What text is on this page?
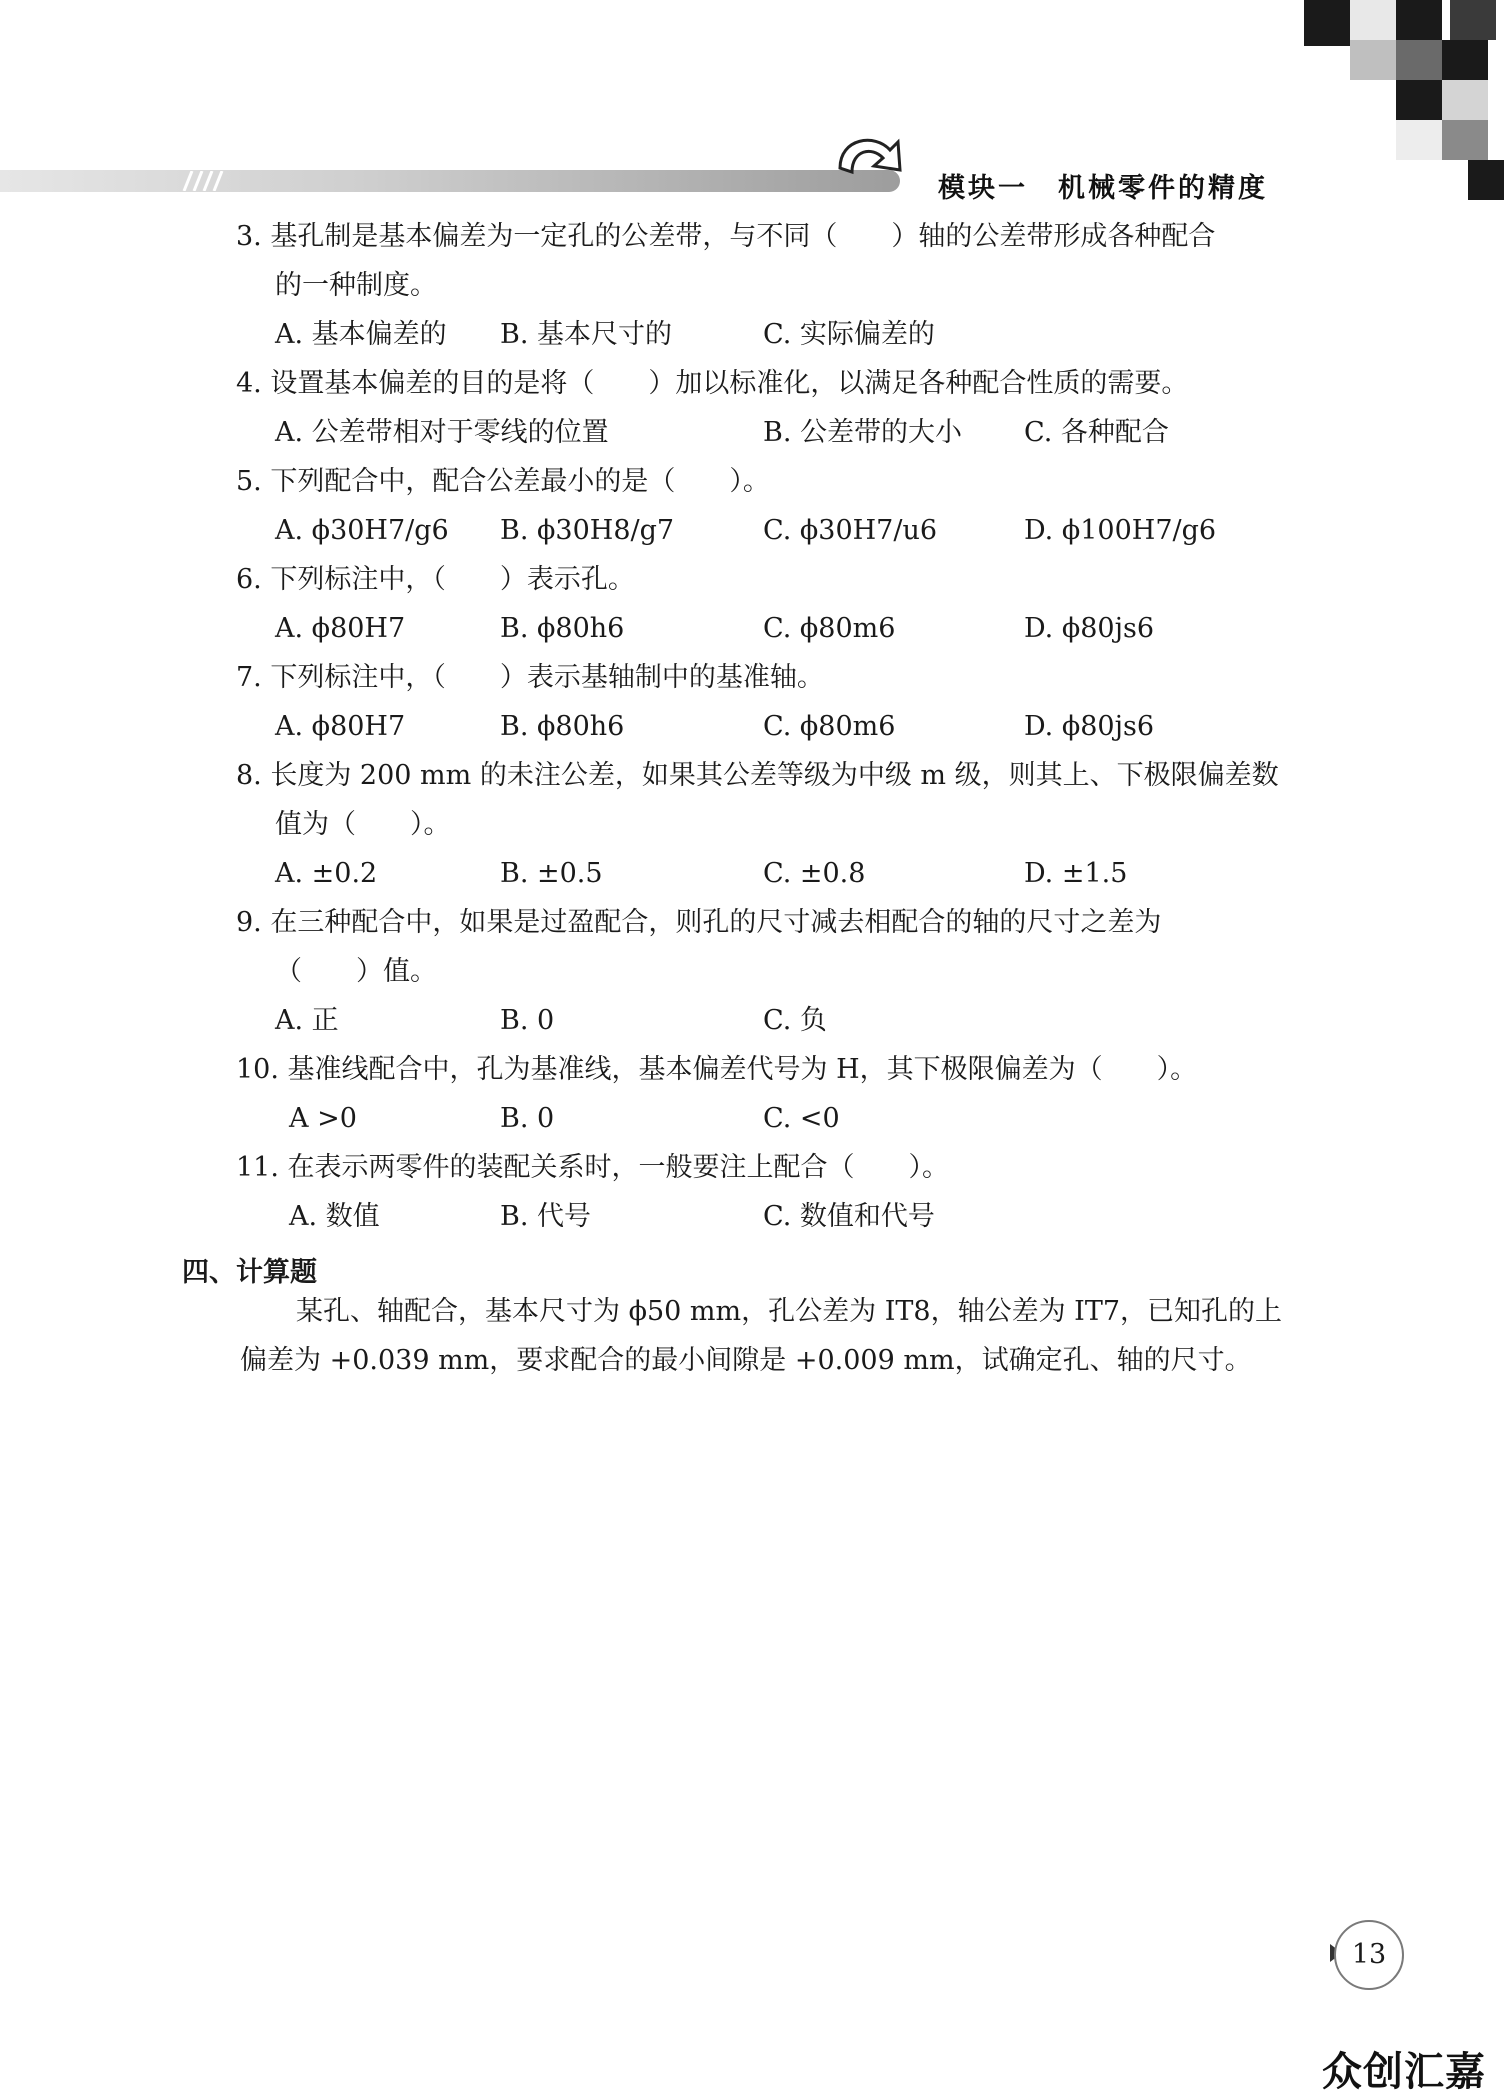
模块一 机械零件的精度
3. 基孔制是基本偏差为一定孔的公差带，与不同（　　）轴的公差带形成各种配合
的一种制度。
A. 基本偏差的 B. 基本尺寸的	C. 实际偏差的
4. 设置基本偏差的目的是将（　　）加以标准化，以满足各种配合性质的需要。
A. 公差带相对于零线的位置	B. 公差带的大小 C. 各种配合
5. 下列配合中，配合公差最小的是（　　）。
A. ϕ30H7/g6 B. ϕ30H8/g7	C. ϕ30H7/u6	D. ϕ100H7/g6
6. 下列标注中，（　　）表示孔。
A. ϕ80H7	B. ϕ80h6	C. ϕ80m6	D. ϕ80js6
7. 下列标注中，（　　）表示基轴制中的基准轴。
A. ϕ80H7	B. ϕ80h6	C. ϕ80m6	D. ϕ80js6
8. 长度为 200 mm 的未注公差，如果其公差等级为中级 m 级，则其上、下极限偏差数
值为（　　）。
A. ±0.2	B. ±0.5	C. ±0.8	D. ±1.5
9. 在三种配合中，如果是过盈配合，则孔的尺寸减去相配合的轴的尺寸之差为
（　　）值。
A. 正	B. 0	C. 负
10. 基准线配合中，孔为基准线，基本偏差代号为 H，其下极限偏差为（　　）。
A >0	B. 0	C. <0
11. 在表示两零件的装配关系时，一般要注上配合（　　）。
A. 数值	B. 代号	C. 数值和代号
四、计算题
某孔、轴配合，基本尺寸为 ϕ50 mm，孔公差为 IT8，轴公差为 IT7，已知孔的上
偏差为 +0.039 mm，要求配合的最小间隙是 +0.009 mm，试确定孔、轴的尺寸。
13
众创汇嘉
